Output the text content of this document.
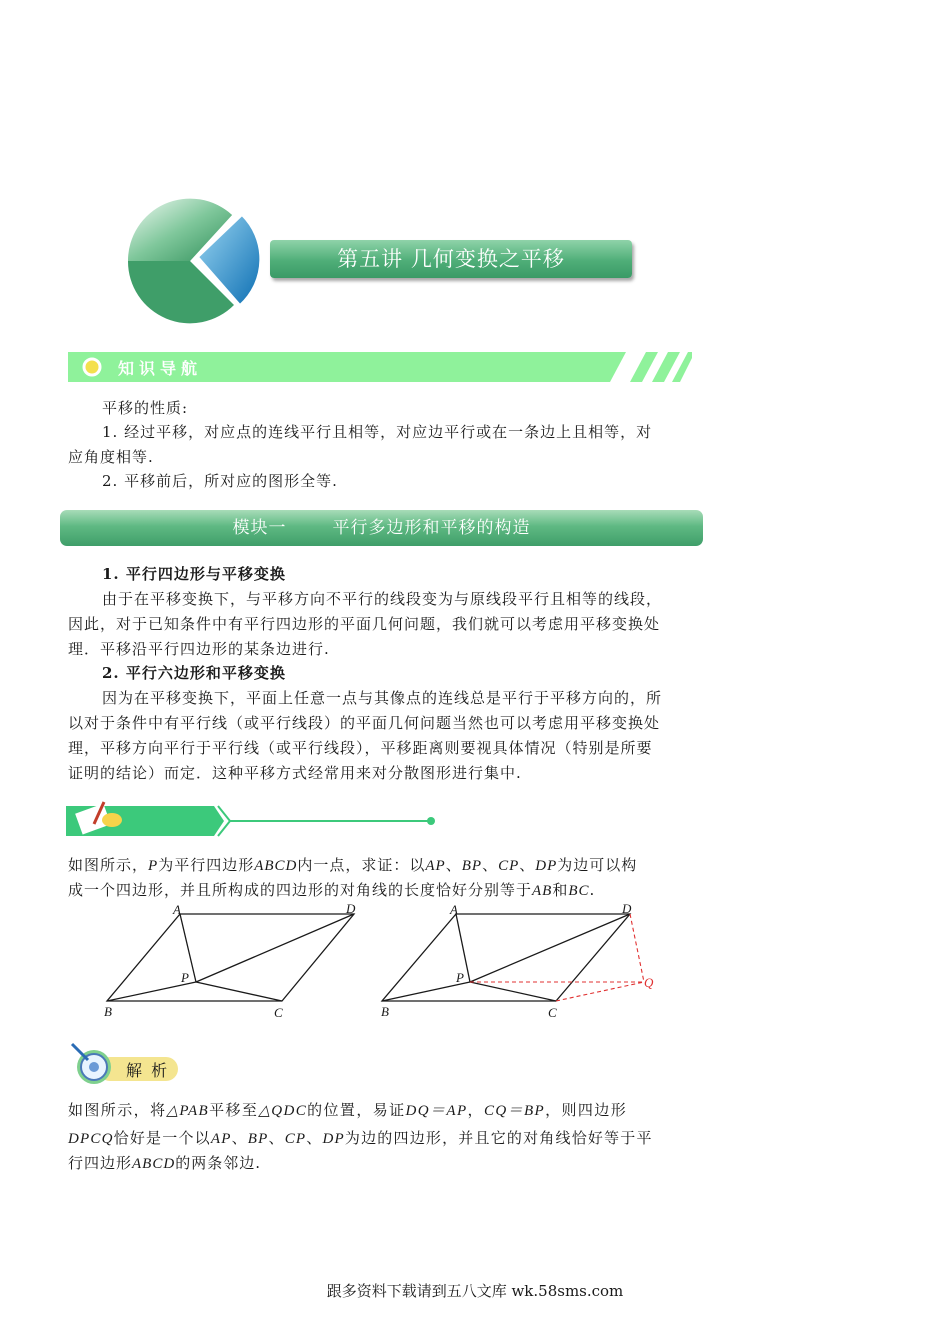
第五讲 几何变换之平移
知识导航
平移的性质:
1. 经过平移，对应点的连线平行且相等，对应边平行或在一条边上且相等，对
应角度相等.
2. 平移前后，所对应的图形全等.
模块一	平行多边形和平移的构造
1. 平行四边形与平移变换
由于在平移变换下，与平移方向不平行的线段变为与原线段平行且相等的线段，
因此，对于已知条件中有平行四边形的平面几何问题，我们就可以考虑用平移变换处
理．平移沿平行四边形的某条边进行.
2. 平行六边形和平移变换
因为在平移变换下，平面上任意一点与其像点的连线总是平行于平移方向的，所
以对于条件中有平行线（或平行线段）的平面几何问题当然也可以考虑用平移变换处
理，平移方向平行于平行线（或平行线段），平移距离则要视具体情况（特别是所要
证明的结论）而定．这种平移方式经常用来对分散图形进行集中.
如图所示，P为平行四边形ABCD内一点，求证：以AP、BP、CP、DP为边可以构
成一个四边形，并且所构成的四边形的对角线的长度恰好分别等于AB和BC.
A	D
P
B	C
A	D
P	Q
B	C
解 析
如图所示，将△PAB平移至△QDC的位置，易证DQ＝AP，CQ＝BP，则四边形
DPCQ恰好是一个以AP、BP、CP、DP为边的四边形，并且它的对角线恰好等于平
行四边形ABCD的两条邻边.
跟多资料下载请到五八文库 wk.58sms.com
